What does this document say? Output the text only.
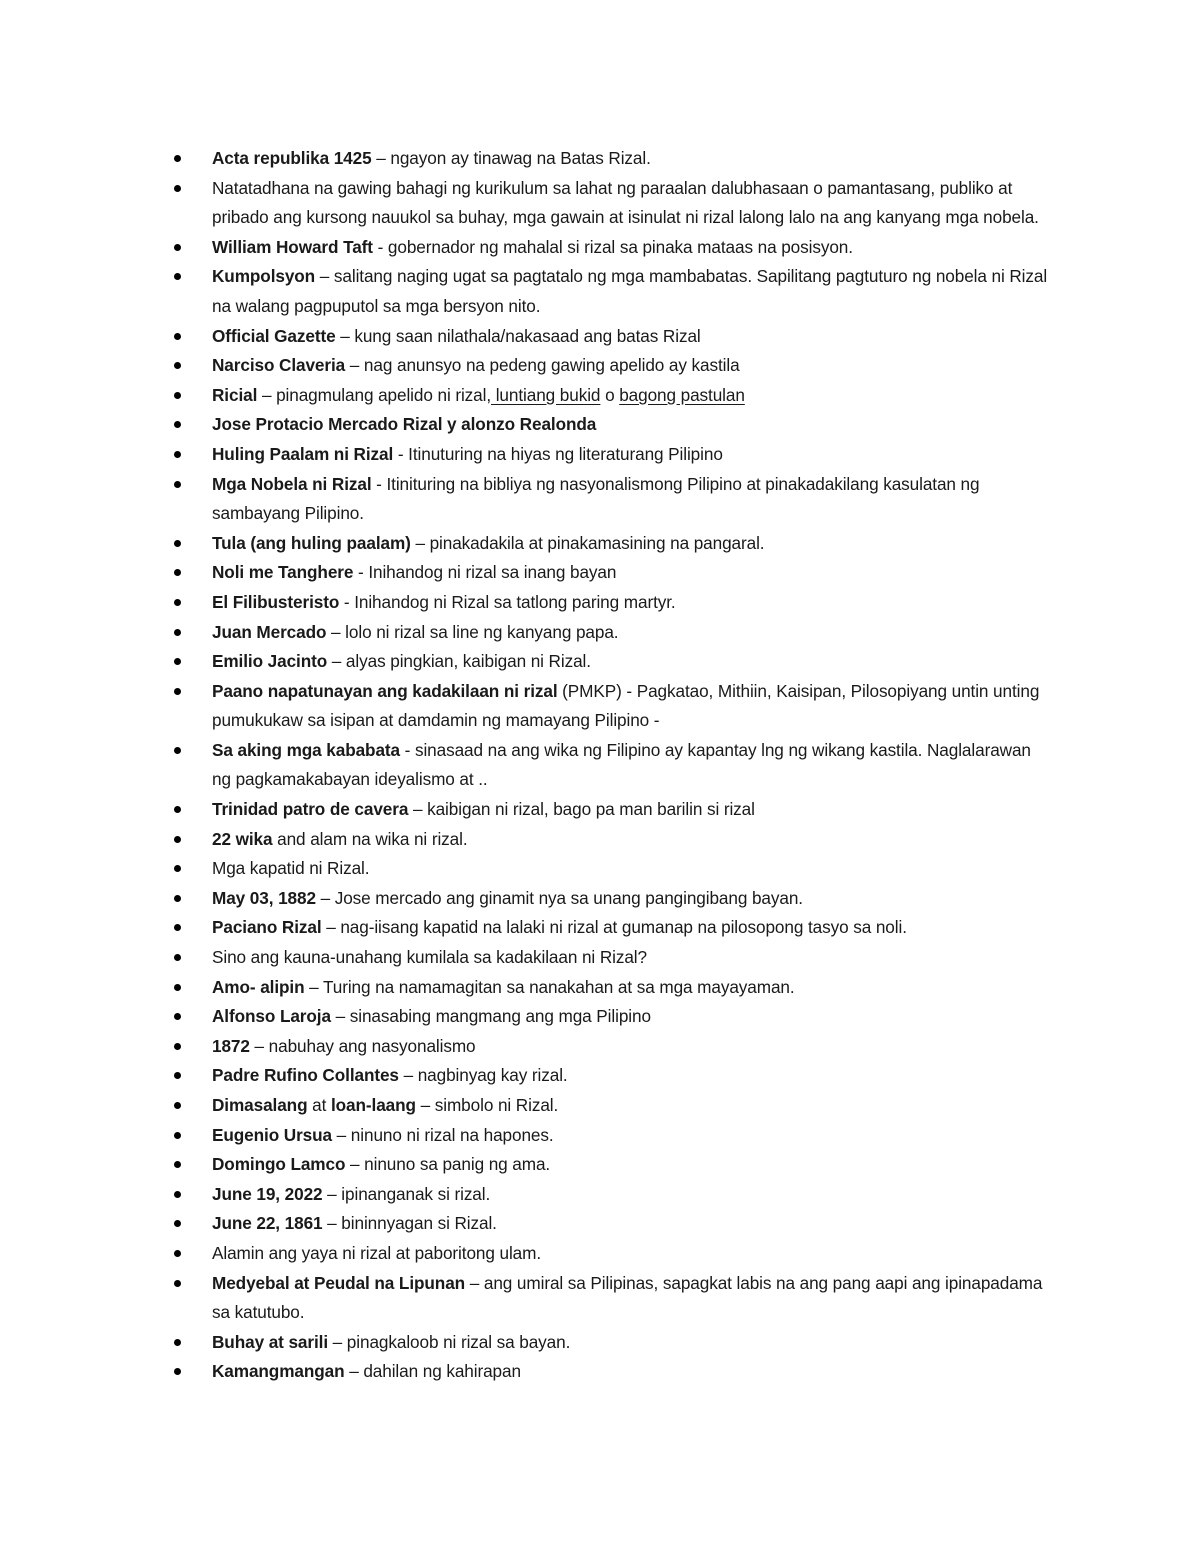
Acta republika 1425 – ngayon ay tinawag na Batas Rizal.
Natatadhana na gawing bahagi ng kurikulum sa lahat ng paraalan dalubhasaan o pamantasang, publiko at pribado ang kursong nauukol sa buhay, mga gawain at isinulat ni rizal lalong lalo na ang kanyang mga nobela.
William Howard Taft - gobernador ng mahalal si rizal sa pinaka mataas na posisyon.
Kumpolsyon – salitang naging ugat sa pagtatalo ng mga mambabatas. Sapilitang pagtuturo ng nobela ni Rizal na walang pagpuputol sa mga bersyon nito.
Official Gazette – kung saan nilathala/nakasaad ang batas Rizal
Narciso Claveria – nag anunsyo na pedeng gawing apelido ay kastila
Ricial – pinagmulang apelido ni rizal, luntiang bukid o bagong pastulan
Jose Protacio Mercado Rizal y alonzo Realonda
Huling Paalam ni Rizal - Itinuturing na hiyas ng literaturang Pilipino
Mga Nobela ni Rizal - Itinituring na bibliya ng nasyonalismong Pilipino at pinakadakilang kasulatan ng sambayang Pilipino.
Tula (ang huling paalam) – pinakadakila at pinakamasining na pangaral.
Noli me Tanghere - Inihandog ni rizal sa inang bayan
El Filibusteristo - Inihandog ni Rizal sa tatlong paring martyr.
Juan Mercado – lolo ni rizal sa line ng kanyang papa.
Emilio Jacinto – alyas pingkian, kaibigan ni Rizal.
Paano napatunayan ang kadakilaan ni rizal (PMKP) - Pagkatao, Mithiin, Kaisipan, Pilosopiyang untin unting pumukukaw sa isipan at damdamin ng mamayang Pilipino -
Sa aking mga kababata - sinasaad na ang wika ng Filipino ay kapantay lng ng wikang kastila. Naglalarawan ng pagkamakabayan ideyalismo at ..
Trinidad patro de cavera – kaibigan ni rizal, bago pa man barilin si rizal
22 wika and alam na wika ni rizal.
Mga kapatid ni Rizal.
May 03, 1882 – Jose mercado ang ginamit nya sa unang pangingibang bayan.
Paciano Rizal – nag-iisang kapatid na lalaki ni rizal at gumanap na pilosopong tasyo sa noli.
Sino ang kauna-unahang kumilala sa kadakilaan ni Rizal?
Amo- alipin – Turing na namamagitan sa nanakahan at sa mga mayayaman.
Alfonso Laroja – sinasabing mangmang ang mga Pilipino
1872 – nabuhay ang nasyonalismo
Padre Rufino Collantes – nagbinyag kay rizal.
Dimasalang at loan-laang – simbolo ni Rizal.
Eugenio Ursua – ninuno ni rizal na hapones.
Domingo Lamco – ninuno sa panig ng ama.
June 19, 2022 – ipinanganak si rizal.
June 22, 1861 – bininnyagan si Rizal.
Alamin ang yaya ni rizal at paboritong ulam.
Medyebal at Peudal na Lipunan – ang umiral sa Pilipinas, sapagkat labis na ang pang aapi ang ipinapadama sa katutubo.
Buhay at sarili – pinagkaloob ni rizal sa bayan.
Kamangmangan – dahilan ng kahirapan
